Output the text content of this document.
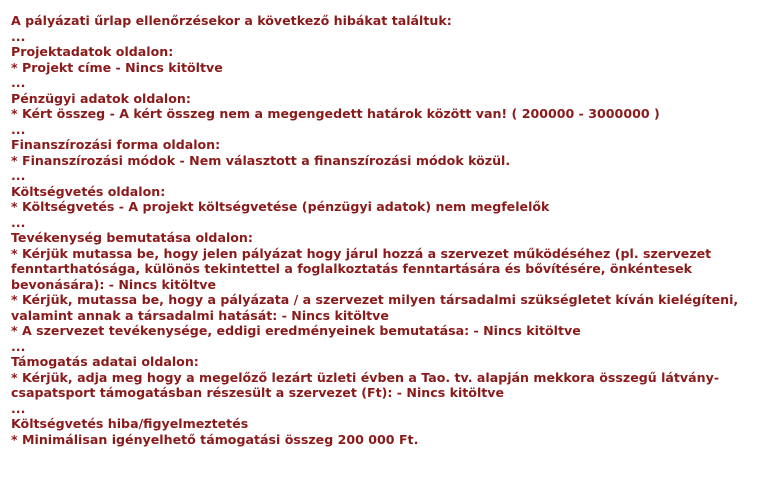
A pályázati űrlap ellenőrzésekor a következő hibákat találtuk:
...
Projektadatok oldalon:
* Projekt címe - Nincs kitöltve
...
Pénzügyi adatok oldalon:
* Kért összeg - A kért összeg nem a megengedett határok között van! ( 200000 - 3000000 )
...
Finanszírozási forma oldalon:
* Finanszírozási módok - Nem választott a finanszírozási módok közül.
...
Költségvetés oldalon:
* Költségvetés - A projekt költségvetése (pénzügyi adatok) nem megfelelők
...
Tevékenység bemutatása oldalon:
* Kérjük mutassa be, hogy jelen pályázat hogy járul hozzá a szervezet működéséhez (pl. szervezet fenntarthatósága, különös tekintettel a foglalkoztatás fenntartására és bővítésére, önkéntesek bevonására): - Nincs kitöltve
* Kérjük, mutassa be, hogy a pályázata / a szervezet milyen társadalmi szükségletet kíván kielégíteni, valamint annak a társadalmi hatását: - Nincs kitöltve
* A szervezet tevékenysége, eddigi eredményeinek bemutatása: - Nincs kitöltve
...
Támogatás adatai oldalon:
* Kérjük, adja meg hogy a megelőző lezárt üzleti évben a Tao. tv. alapján mekkora összegű látvány-csapatsport támogatásban részesült a szervezet (Ft): - Nincs kitöltve
...
Költségvetés hiba/figyelmeztetés
* Minimálisan igényelhető támogatási összeg 200 000 Ft.
